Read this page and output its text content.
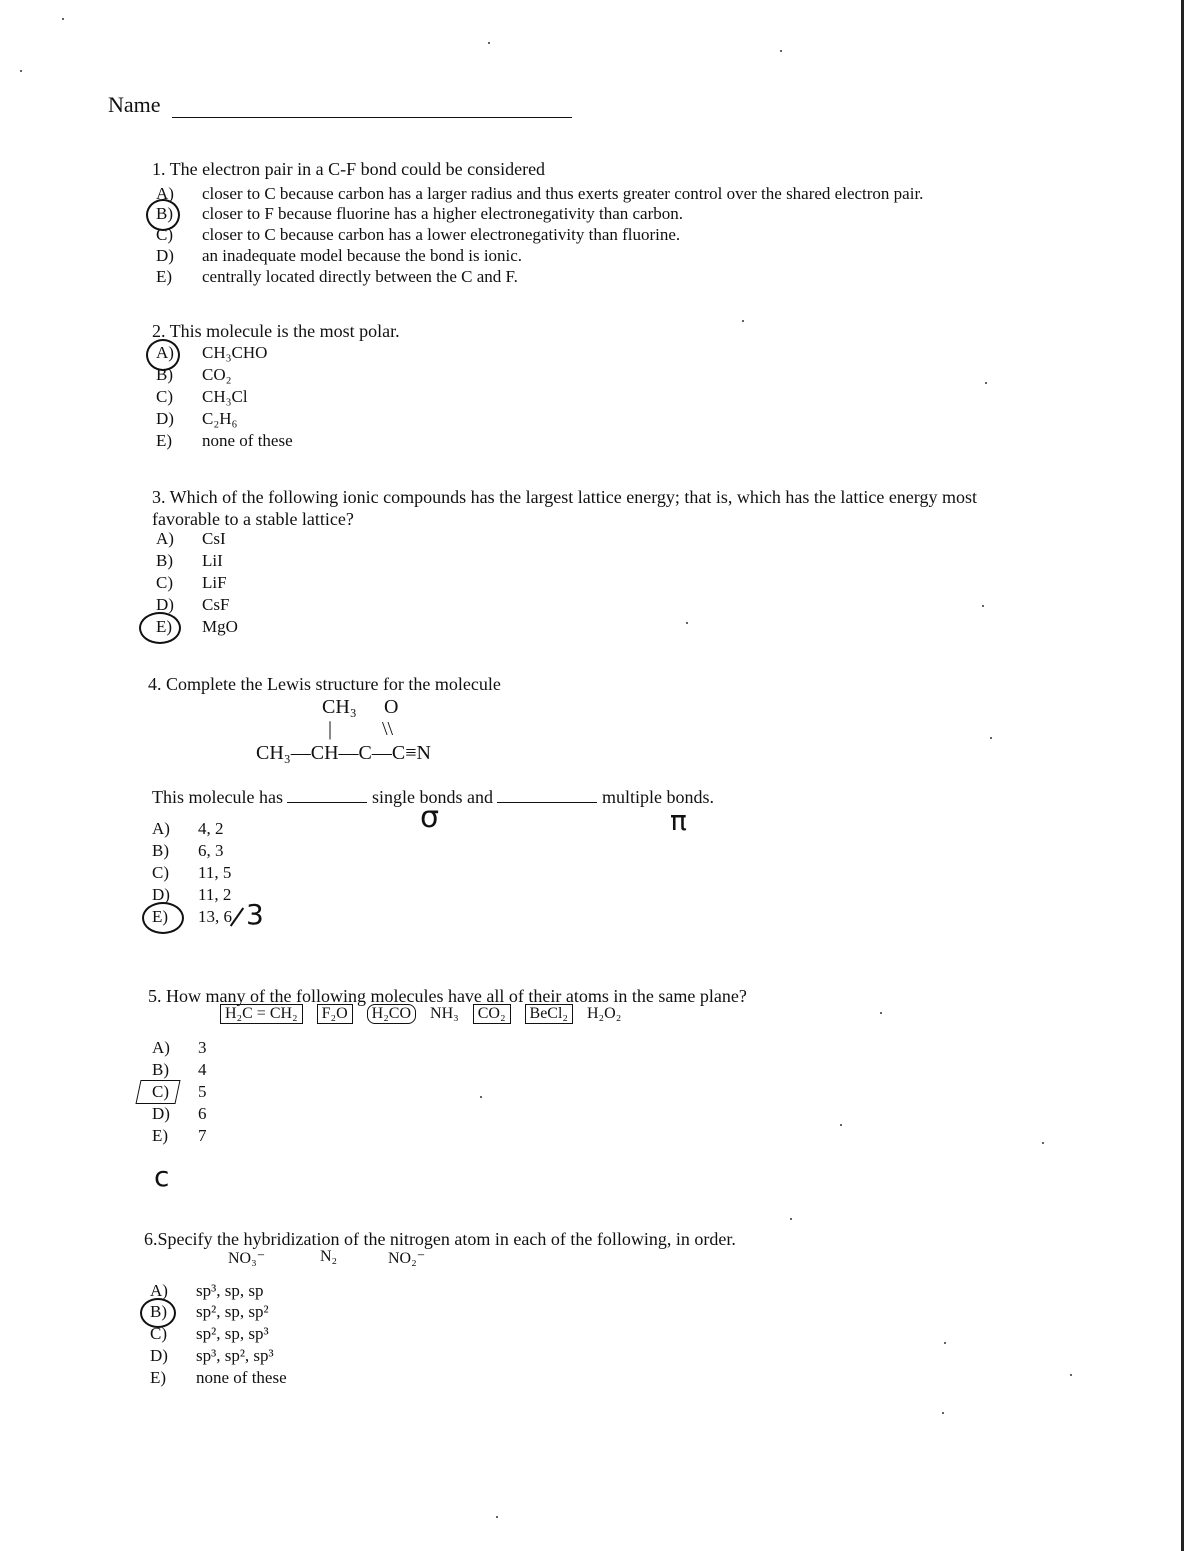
Name
1. The electron pair in a C-F bond could be considered
A) closer to C because carbon has a larger radius and thus exerts greater control over the shared electron pair.
B) closer to F because fluorine has a higher electronegativity than carbon.
C) closer to C because carbon has a lower electronegativity than fluorine.
D) an inadequate model because the bond is ionic.
E) centrally located directly between the C and F.
2. This molecule is the most polar.
A) CH₃CHO
B) CO₂
C) CH₃Cl
D) C₂H₆
E) none of these
3. Which of the following ionic compounds has the largest lattice energy; that is, which has the lattice energy most
favorable to a stable lattice?
A) CsI
B) LiI
C) LiF
D) CsF
E) MgO
4. Complete the Lewis structure for the molecule
CH₃ O
| \\
CH₃—CH—C—C≡N
This molecule has	single bonds and	multiple bonds.
σ	π
A) 4, 2
B) 6, 3
C) 11, 5
D) 11, 2
E) 13, 6 3
5. How many of the following molecules have all of their atoms in the same plane?
H₂C = CH₂ F₂O H₂CO NH₃ CO₂ BeCl₂ H₂O₂
A) 3
B) 4
C) 5
D) 6
E) 7
c
6.Specify the hybridization of the nitrogen atom in each of the following, in order.
NO₃⁻	N₂	NO₂⁻
A) sp³, sp, sp
B) sp², sp, sp²
C) sp², sp, sp³
D) sp³, sp², sp³
E) none of these
